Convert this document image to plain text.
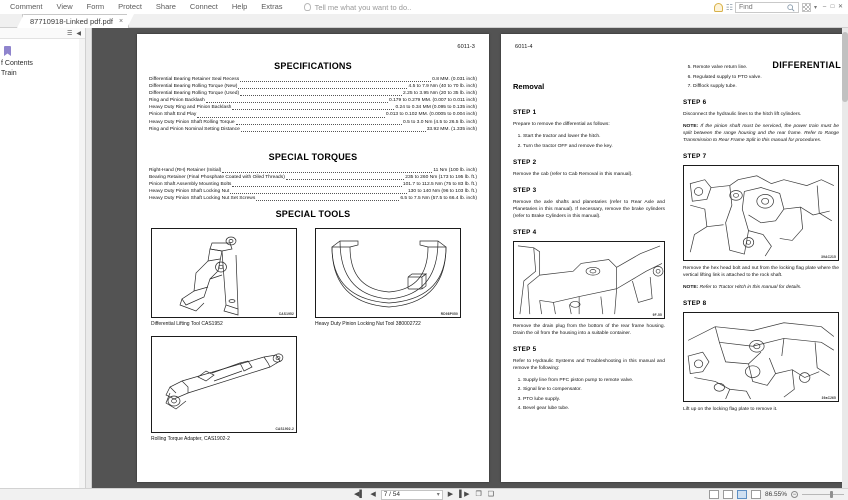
Comment	View	Form	Protect	Share	Connect	Help	Extras	Tell me what you want to do..	☷
Find	▾ – □ ✕
87710918-Linked pdf.pdf ×
☰ ◀
f Contents
Train
6011-3
SPECIFICATIONS
Differential Bearing Retainer Seal Recess	0.8 MM. (0.031 inch)
Differential Bearing Rolling Torque (New)	4.5 to 7.9 Nm (40 to 70 lb. inch)
Differential Bearing Rolling Torque (Used)	2.25 to 3.95 Nm (20 to 35 lb. inch)
Ring and Pinion Backlash	0.179 to 0.279 MM. (0.007 to 0.011 inch)
Heavy Duty Ring and Pinion Backlash	0.24 to 0.34 MM (0.095 to 0.135 inch)
Pinion Shaft End Play	0.013 to 0.102 MM. (0.0005 to 0.004 inch)
Heavy Duty Pinion Shaft Rolling Torque	0.5 to 3.0 Nm (4.5 to 26.5 lb. inch)
Ring and Pinion Nominal Setting Distance	33.92 MM. (1.335 inch)
SPECIAL TORQUES
Right-Hand (RH) Retainer (Initial)	11 Nm (100 lb. inch)
Bearing Retainer (Final Phosphate Coated with Oiled Threads)	235 to 260 Nm (173 to 195 lb. ft.)
Pinion Shaft Assembly Mounting Bolts	101.7 to 112.5 Nm (75 to 83 lb. ft.)
Heavy Duty Pinion Shaft Locking Nut	130 to 140 Nm (96 to 103 lb. ft.)
Heavy Duty Pinion Shaft Locking Nut Set Screws	6.5 to 7.5 Nm (57.5 to 66.4 lb. inch)
SPECIAL TOOLS
CAS1952
Differential Lifting Tool CAS1952
RD98P050
Heavy Duty Pinion Locking Nut Tool 380002722
CAS1902-2
Rolling Torque Adapter, CAS1902-2
6011-4
DIFFERENTIAL
Removal
STEP 1
Prepare to remove the differential as follows:
1. Start the tractor and lower the hitch.
2. Turn the tractor OFF and remove the key.
STEP 2
Remove the cab (refer to Cab Removal in this manual).
STEP 3
Remove the axle shafts and planetaries (refer to Rear Axle and Planetaries in this manual). If necessary, remove the brake cylinders (refer to Brake Cylinders in this manual).
STEP 4
9F-55
Remove the drain plug from the bottom of the rear frame housing. Drain the oil from the housing into a suitable container.
STEP 5
Refer to Hydraulic Systems and Troubleshooting in this manual and remove the following:
1. Supply line from PFC piston pump to remote valve.
2. Signal line to compensator.
3. PTO lube supply.
4. Bevel gear lube tube.
5. Remote valve return line.
6. Regulated supply to PTO valve.
7. Difflock supply tube.
STEP 6
Disconnect the hydraulic lines to the hitch lift cylinders.
NOTE: If the pinion shaft must be serviced, the power train must be split between the range housing and the rear frame. Refer to Range Transmission to Rear Frame Split in this manual for procedures.
STEP 7
39AC215
Remove the hex head bolt and nut from the locking flag plate where the vertical lifting link is attached to the rock shaft.
NOTE: Refer to Tractor Hitch in this manual for details.
STEP 8
39aC265
Lift up on the locking flag plate to remove it.
◀▌ ◀ 7 / 54	▾ ▶ ▌▶ ❐ ❑	86.55% −
